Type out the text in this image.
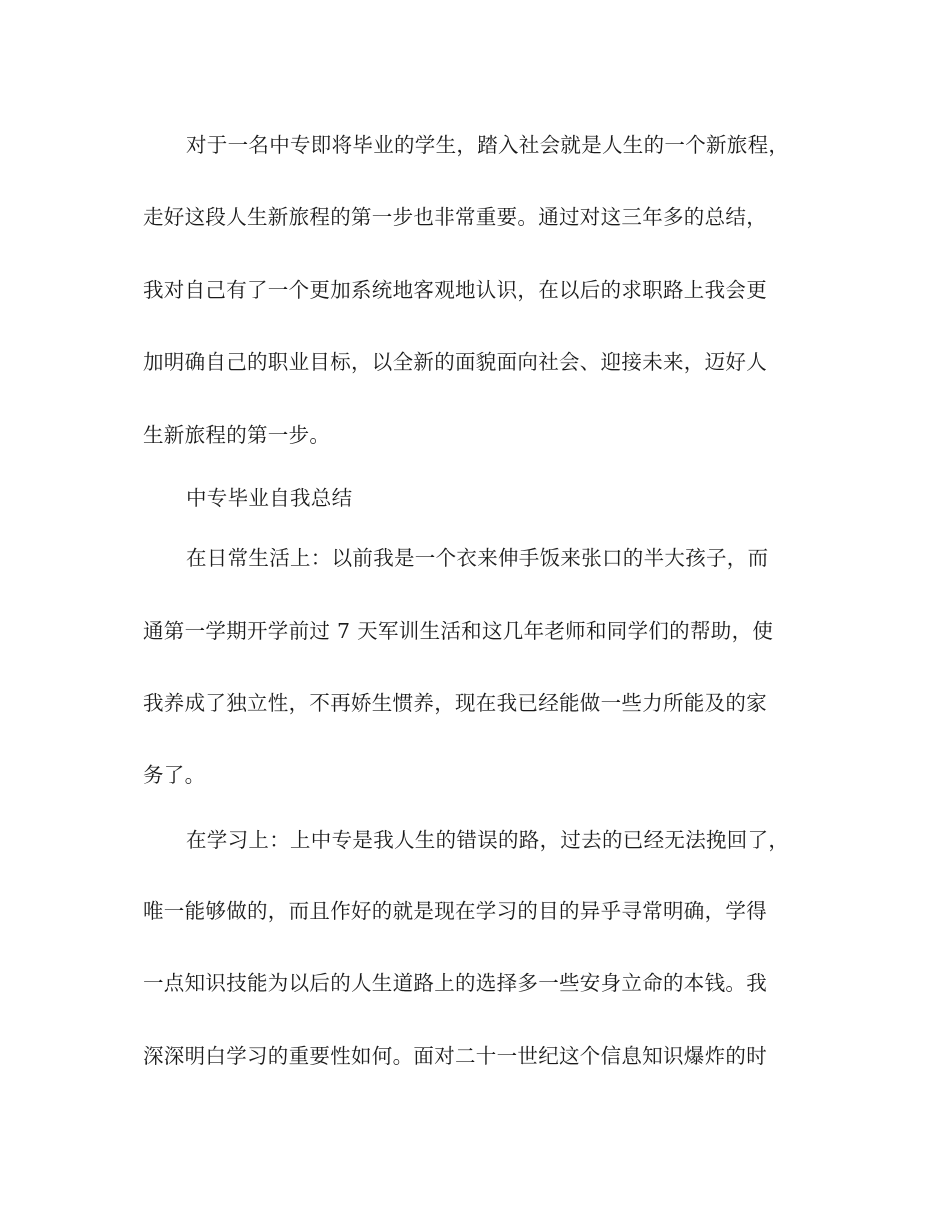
对于一名中专即将毕业的学生，踏入社会就是人生的一个新旅程，
走好这段人生新旅程的第一步也非常重要。通过对这三年多的总结，
我对自己有了一个更加系统地客观地认识，在以后的求职路上我会更
加明确自己的职业目标，以全新的面貌面向社会、迎接未来，迈好人
生新旅程的第一步。
中专毕业自我总结
在日常生活上：以前我是一个衣来伸手饭来张口的半大孩子，而
通第一学期开学前过 7 天军训生活和这几年老师和同学们的帮助，使
我养成了独立性，不再娇生惯养，现在我已经能做一些力所能及的家
务了。
在学习上：上中专是我人生的错误的路，过去的已经无法挽回了，
唯一能够做的，而且作好的就是现在学习的目的异乎寻常明确，学得
一点知识技能为以后的人生道路上的选择多一些安身立命的本钱。我
深深明白学习的重要性如何。面对二十一世纪这个信息知识爆炸的时
